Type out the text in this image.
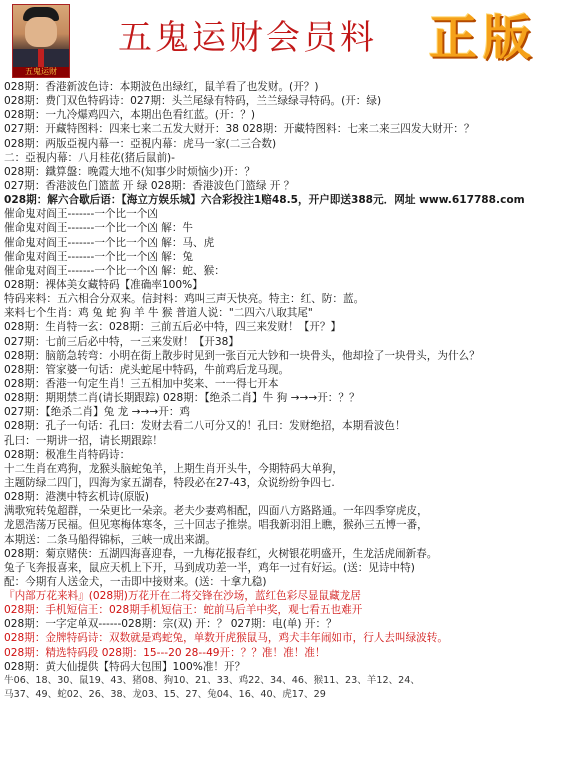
五鬼运财
五鬼运财会员料 正版
028期：香港新波色诗：本期波色出绿红，鼠羊看了也发财。(开？)
028期：费门双色特码诗：027期：头兰尾绿有特码，兰兰绿绿寻特码。(开：绿)
028期：一九冷爆鸡四六，本期出色看红蓝。(开：？)
027期：开藏特图料：四来七来二五发大财开：38 028期：开藏特图料：七来二来三四发大财开：？
028期：两版亞視内幕一：亞視内幕：虎马一家(二三合数)
二：亞視内幕：八月桂花(猪后鼠前)-
028期：鐵算盤：晚霞大地不(知事少时烦恼少)开：？
027期：香港波色门篮蓝 开 绿 028期：香港波色门篮绿 开 ？
028期：解六合歇后语：【海立方娱乐城】六合彩投注1赔48.5，开户即送388元．网址 www.617788.com
催命鬼对阎王-------一个比一个凶
催命鬼对阎王-------一个比一个凶 解：牛
催命鬼对阎王-------一个比一个凶 解：马、虎
催命鬼对阎王-------一个比一个凶 解：兔
催命鬼对阎王-------一个比一个凶 解：蛇、猴：
028期：裸体美女藏特码【准确率100%】
特码来料：五六相合分双来。信封料：鸡叫三声天快亮。特主：红、防：蓝。
来料七个生肖：鸡 兔 蛇 狗 羊 牛 猴 普道人说："二四六八取其尾"
028期：生肖特一玄：028期：三前五后必中特，四三来发财！【开？】
027期：七前三后必中特，一三来发财！【开38】
028期：脑筋急转弯：小明在街上散步时见到一张百元大钞和一块骨头，他却捡了一块骨头，为什么？
028期：管家婆一句话：虎头蛇尾中特码，牛前鸡后龙马现。
028期：香港一句定生肖！三五相加中奖来、一一得七开本
028期：期期禁二肖(请长期跟踪) 028期：【绝杀二肖】牛 狗 →→→开：？？
027期：【绝杀二肖】兔 龙 →→→开：鸡
028期：孔子一句话：孔曰：发财去看二八可分又的！孔曰：发财绝招，本期看波色！
孔曰：一期讲一招，请长期跟踪！
028期：极准生肖特码诗：
十二生肖在鸡狗，龙猴头脑蛇兔羊，上期生肖开头牛，今期特码大单狗，
主题防绿二四门，四海为家五湖春，特段必在27-43，众说纷纷争四七.
028期：港澳中特玄机诗(原版)
满歌宛转兔超群，一朵更比一朵亲。老夫少妻鸡相配，四面八方路路通。一年四季穿虎皮，
龙恩浩荡万民福。但见寒梅体寒冬，三十回志子推崇。唱我新羽泪上瞧，猴孙三五博一番，
本期送：二条马船得锦标，三峡一成出来湖。
028期：菊京赌侠：五湖四海喜迎春，一九梅花报春红，火树银花明盛开，生龙活虎闹新春。
兔子飞奔报喜来，鼠应天机上下开，马到成功差一半，鸡年一过有好运。(送：见诗中特)
配：今期有人送金犬，一击即中接财来。(送：十拿九稳)
『内部万花来料』(028期)万花开在二将交锋在沙场，蓝红色彩尽显鼠藏龙居
028期：手机短信王：028期手机短信王：蛇前马后羊中奖，观七看五也难开
028期：一字定单双------028期：宗(双) 开：？ 027期：电(单) 开：？
028期：金牌特码诗：双数就是鸡蛇兔，单数开虎猴鼠马，鸡犬丰年闹如市，行人去叫绿波转。
028期：精选特码段 028期：15---20 28--49开：？？准！准！准！
028期：黄大仙提供【特码大包围】100%准！开？
牛06、18、30、鼠19、43、猪08、狗10、21、33、鸡22、34、46、猴11、23、羊12、24、
马37、49、蛇02、26、38、龙03、15、27、兔04、16、40、虎17、29
